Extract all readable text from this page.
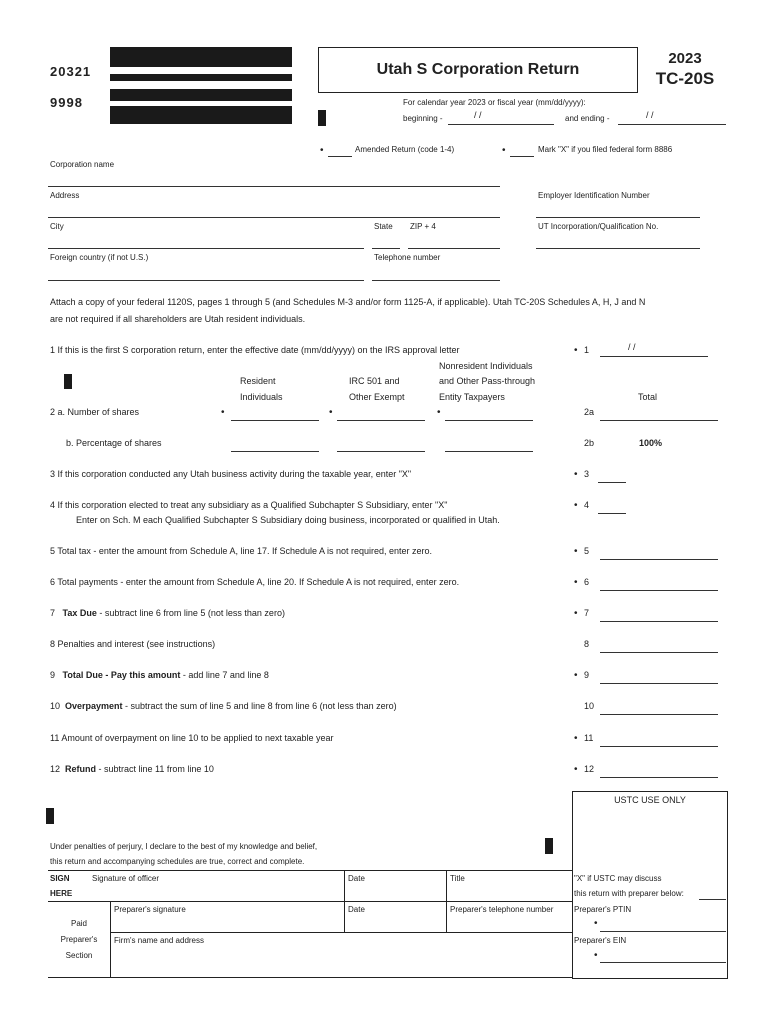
20321
9998
Utah S Corporation Return
2023
TC-20S
For calendar year 2023 or fiscal year (mm/dd/yyyy):
beginning -	/ /	and ending -	/ /
•	Amended Return (code 1-4)	•	Mark "X" if you filed federal form 8886
Corporation name
Address	Employer Identification Number
City	State ZIP + 4	UT Incorporation/Qualification No.
Foreign country (if not U.S.)	Telephone number
Attach a copy of your federal 1120S, pages 1 through 5 (and Schedules M-3 and/or form 1125-A, if applicable). Utah TC-20S Schedules A, H, J and N
are not required if all shareholders are Utah resident individuals.
1 If this is the first S corporation return, enter the effective date (mm/dd/yyyy) on the IRS approval letter	• 1	/ /
Resident
Individuals
IRC 501 and
Other Exempt
Nonresident Individuals
and Other Pass-through
Entity Taxpayers	Total
2 a. Number of shares	•	•	•	2a
b. Percentage of shares	2b	100%
3 If this corporation conducted any Utah business activity during the taxable year, enter "X"	• 3
4 If this corporation elected to treat any subsidiary as a Qualified Subchapter S Subsidiary, enter "X"
Enter on Sch. M each Qualified Subchapter S Subsidiary doing business, incorporated or qualified in Utah.
• 4
5 Total tax - enter the amount from Schedule A, line 17. If Schedule A is not required, enter zero.	• 5
6 Total payments - enter the amount from Schedule A, line 20. If Schedule A is not required, enter zero.	• 6
7   Tax Due - subtract line 6 from line 5 (not less than zero)	• 7
8 Penalties and interest (see instructions)	8
9   Total Due - Pay this amount - add line 7 and line 8	• 9
10  Overpayment - subtract the sum of line 5 and line 8 from line 6 (not less than zero)	10
11 Amount of overpayment on line 10 to be applied to next taxable year	• 11
12  Refund - subtract line 11 from line 10	• 12
USTC USE ONLY
Under penalties of perjury, I declare to the best of my knowledge and belief,
this return and accompanying schedules are true, correct and complete.
SIGN
HERE
Signature of officer	Date	Title	"X" if USTC may discuss
this return with preparer below:
Paid
Preparer's
Section
Preparer's signature	Date	Preparer's telephone number	Preparer's PTIN
•
Firm's name and address	Preparer's EIN
•
